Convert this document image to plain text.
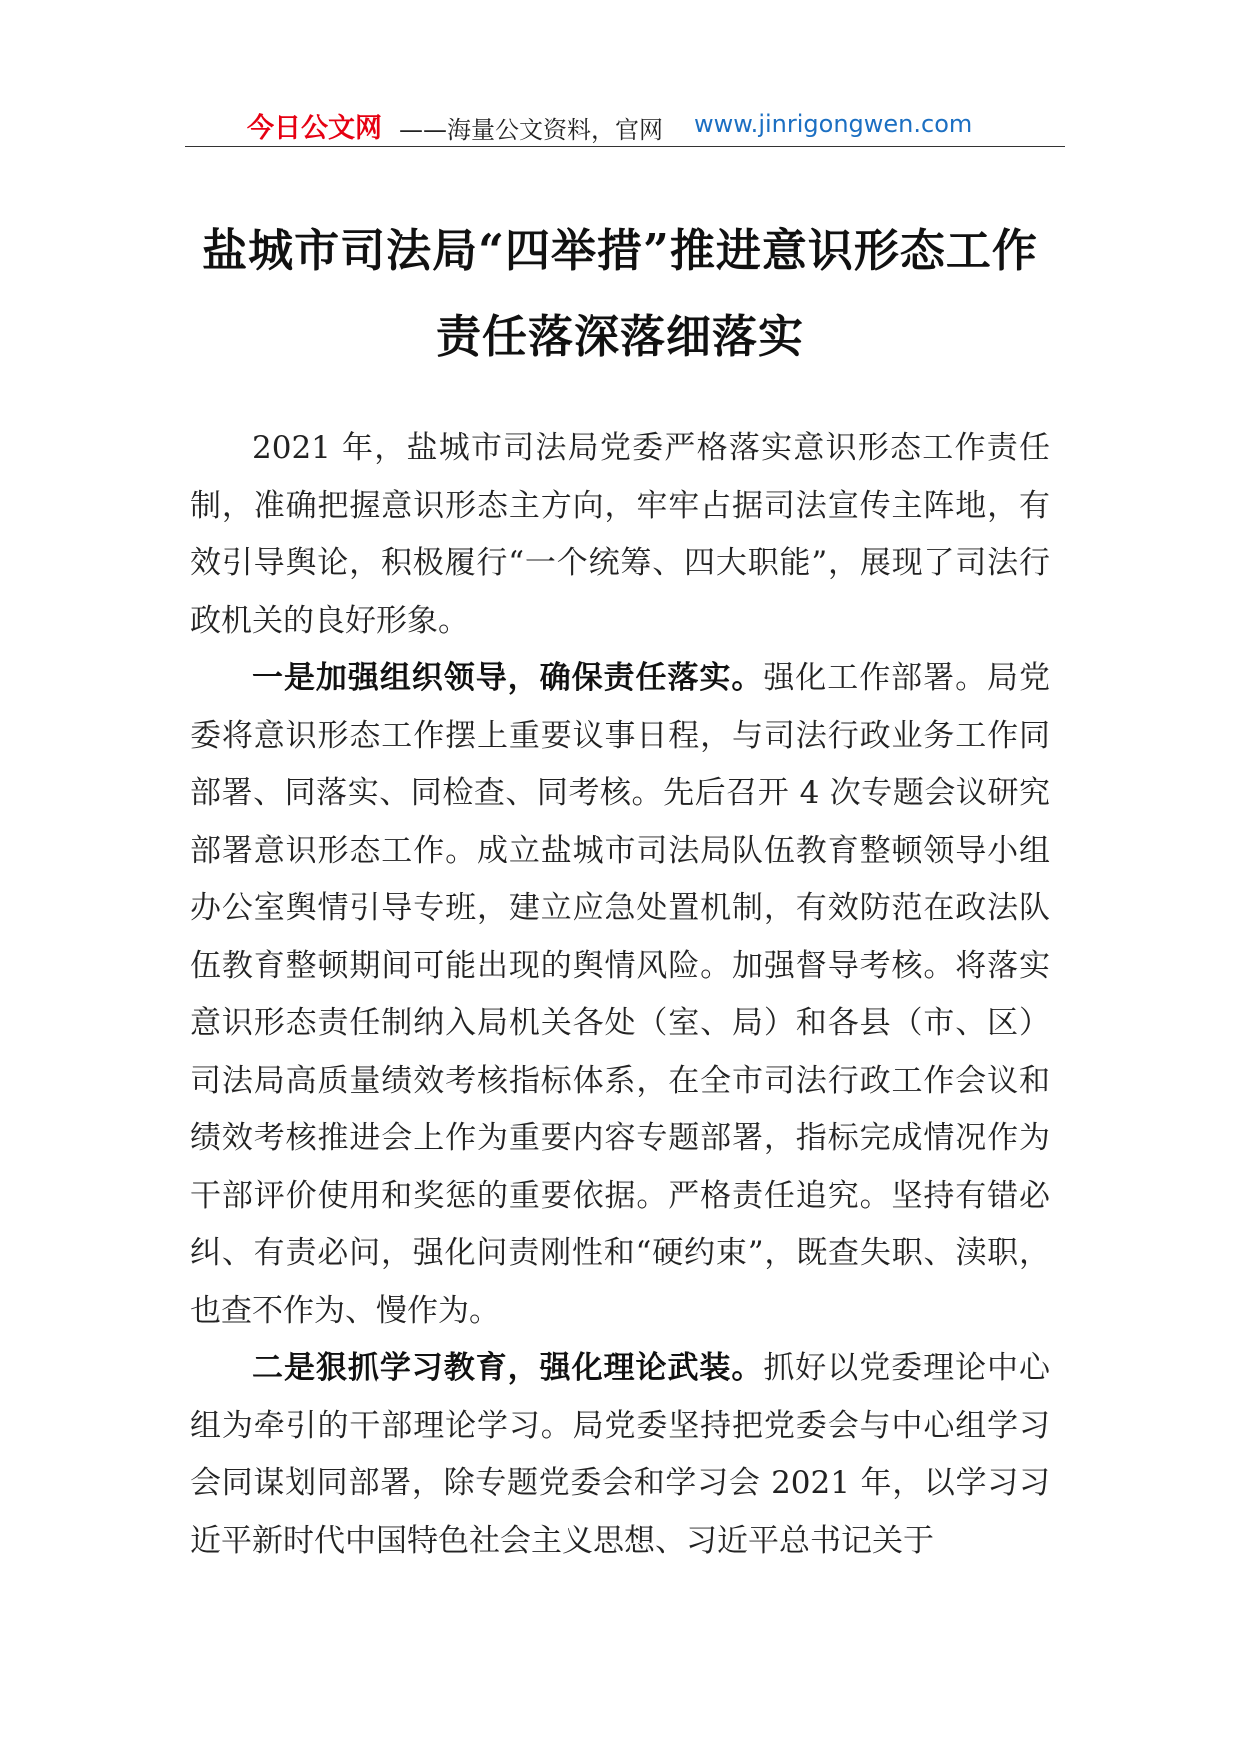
今日公文网 ——海量公文资料，官网 www.jinrigongwen.com
盐城市司法局“四举措”推进意识形态工作
责任落深落细落实

2021 年，盐城市司法局党委严格落实意识形态工作责任制，准确把握意识形态主方向，牢牢占据司法宣传主阵地，有效引导舆论，积极履行“一个统筹、四大职能”，展现了司法行政机关的良好形象。

一是加强组织领导，确保责任落实。强化工作部署。局党委将意识形态工作摆上重要议事日程，与司法行政业务工作同部署、同落实、同检查、同考核。先后召开 4 次专题会议研究部署意识形态工作。成立盐城市司法局队伍教育整顿领导小组办公室舆情引导专班，建立应急处置机制，有效防范在政法队伍教育整顿期间可能出现的舆情风险。加强督导考核。将落实意识形态责任制纳入局机关各处（室、局）和各县（市、区）司法局高质量绩效考核指标体系，在全市司法行政工作会议和绩效考核推进会上作为重要内容专题部署，指标完成情况作为干部评价使用和奖惩的重要依据。严格责任追究。坚持有错必纠、有责必问，强化问责刚性和“硬约束”，既查失职、渎职，也查不作为、慢作为。

二是狠抓学习教育，强化理论武装。抓好以党委理论中心组为牵引的干部理论学习。局党委坚持把党委会与中心组学习会同谋划同部署，除专题党委会和学习会 2021 年，以学习习近平新时代中国特色社会主义思想、习近平总书记关于
